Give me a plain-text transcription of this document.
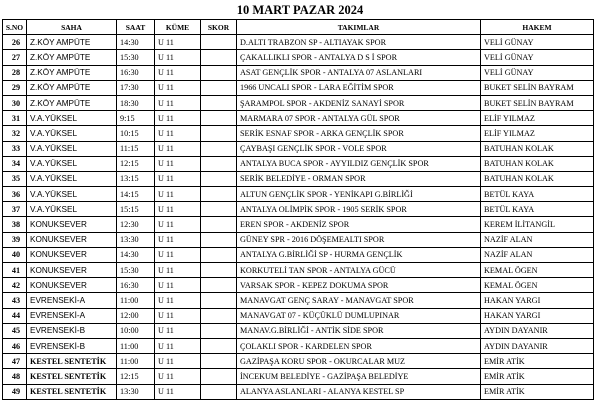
10 MART PAZAR 2024
S.NO	SAHA	SAAT	KÜME	SKOR	TAKIMLAR	HAKEM
26	Z.KÖY AMPÜTE	14:30	U 11		D.ALTI TRABZON SP - ALTIAYAK SPOR	VELİ GÜNAY
27	Z.KÖY AMPÜTE	15:30	U 11		ÇAKALLIKLI SPOR - ANTALYA D S İ SPOR	VELİ GÜNAY
28	Z.KÖY AMPÜTE	16:30	U 11		ASAT GENÇLİK SPOR - ANTALYA 07 ASLANLARI	VELİ GÜNAY
29	Z.KÖY AMPÜTE	17:30	U 11		1966 UNCALI SPOR - LARA EĞİTİM SPOR	BUKET SELİN BAYRAM
30	Z.KÖY AMPÜTE	18:30	U 11		ŞARAMPOL SPOR - AKDENİZ SANAYİ SPOR	BUKET SELİN BAYRAM
31	V.A.YÜKSEL	9:15	U 11		MARMARA 07 SPOR - ANTALYA GÜL SPOR	ELİF YILMAZ
32	V.A.YÜKSEL	10:15	U 11		SERİK ESNAF SPOR - ARKA GENÇLİK SPOR	ELİF YILMAZ
33	V.A.YÜKSEL	11:15	U 11		ÇAYBAŞI GENÇLİK SPOR - VOLE SPOR	BATUHAN KOLAK
34	V.A.YÜKSEL	12:15	U 11		ANTALYA BUCA SPOR - AYYILDIZ GENÇLİK SPOR	BATUHAN KOLAK
35	V.A.YÜKSEL	13:15	U 11		SERİK BELEDİYE - ORMAN SPOR	BATUHAN KOLAK
36	V.A.YÜKSEL	14:15	U 11		ALTUN GENÇLİK SPOR - YENİKAPI G.BİRLİĞİ	BETÜL KAYA
37	V.A.YÜKSEL	15:15	U 11		ANTALYA OLİMPİK SPOR - 1905 SERİK SPOR	BETÜL KAYA
38	KONUKSEVER	12:30	U 11		EREN SPOR - AKDENİZ SPOR	KEREM İLİTANGİL
39	KONUKSEVER	13:30	U 11		GÜNEY SPR - 2016 DÖŞEMEALTI SPOR	NAZİF ALAN
40	KONUKSEVER	14:30	U 11		ANTALYA G.BİRLİĞİ SP - HURMA GENÇLİK	NAZİF ALAN
41	KONUKSEVER	15:30	U 11		KORKUTELİ TAN SPOR - ANTALYA GÜCÜ	KEMAL ÖGEN
42	KONUKSEVER	16:30	U 11		VARSAK SPOR - KEPEZ DOKUMA SPOR	KEMAL ÖGEN
43	EVRENSEKİ-A	11:00	U 11		MANAVGAT GENÇ SARAY - MANAVGAT SPOR	HAKAN YARGI
44	EVRENSEKİ-A	12:00	U 11		MANAVGAT 07 - KÜÇÜKLÜ DUMLUPINAR	HAKAN YARGI
45	EVRENSEKİ-B	10:00	U 11		MANAV.G.BİRLİĞİ - ANTİK SİDE SPOR	AYDIN DAYANIR
46	EVRENSEKİ-B	11:00	U 11		ÇOLAKLI SPOR - KARDELEN SPOR	AYDIN DAYANIR
47	KESTEL SENTETİK	11:00	U 11		GAZİPAŞA KORU SPOR - OKURCALAR MUZ	EMİR ATİK
48	KESTEL SENTETİK	12:15	U 11		İNCEKUM BELEDİYE - GAZİPAŞA BELEDİYE	EMİR ATİK
49	KESTEL SENTETİK	13:30	U 11		ALANYA ASLANLARI - ALANYA KESTEL SP	EMİR ATİK
